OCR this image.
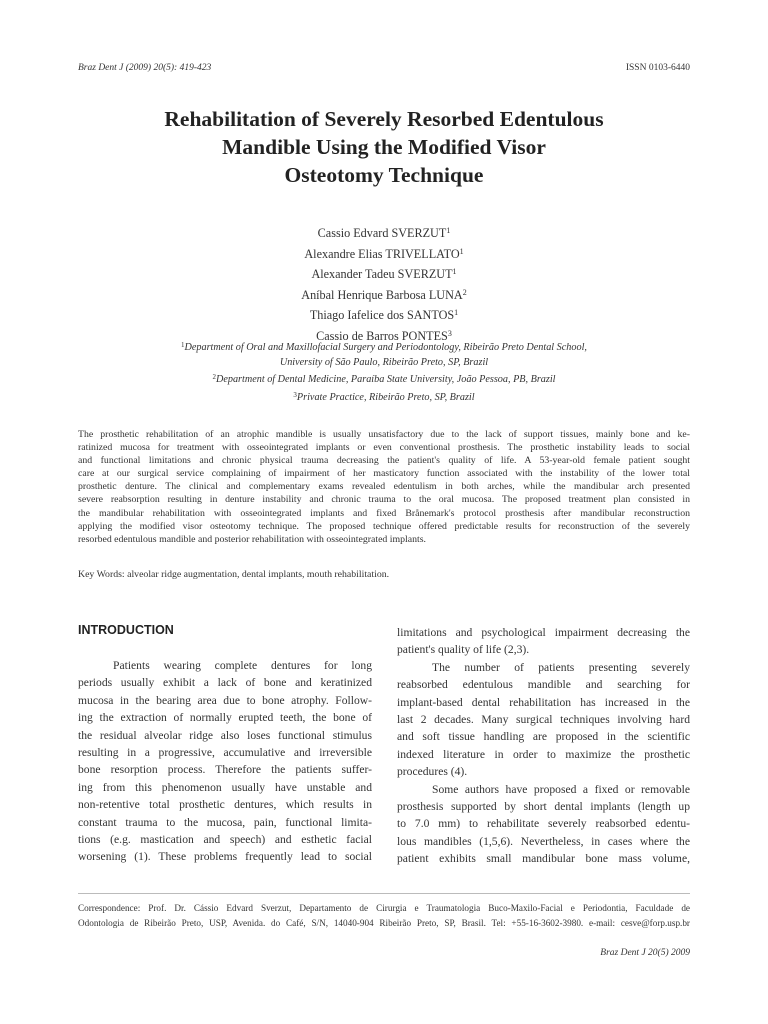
Braz Dent J (2009) 20(5): 419-423	ISSN 0103-6440
Rehabilitation of Severely Resorbed Edentulous
Mandible Using the Modified Visor
Osteotomy Technique
Cassio Edvard SVERZUT$^1$
Alexandre Elias TRIVELLATO$^1$
Alexander Tadeu SVERZUT$^1$
Aníbal Henrique Barbosa LUNA$^2$
Thiago Iafelice dos SANTOS$^1$
Cassio de Barros PONTES$^3$
$^1$Department of Oral and Maxillofacial Surgery and Periodontology, Ribeirão Preto Dental School,
University of São Paulo, Ribeirão Preto, SP, Brazil
$^2$Department of Dental Medicine, Paraíba State University, João Pessoa, PB, Brazil
$^3$Private Practice, Ribeirão Preto, SP, Brazil
The prosthetic rehabilitation of an atrophic mandible is usually unsatisfactory due to the lack of support tissues, mainly bone and ke-
ratinized mucosa for treatment with osseointegrated implants or even conventional prosthesis. The prosthetic instability leads to social
and functional limitations and chronic physical trauma decreasing the patient's quality of life. A 53-year-old female patient sought
care at our surgical service complaining of impairment of her masticatory function associated with the instability of the lower total
prosthetic denture. The clinical and complementary exams revealed edentulism in both arches, while the mandibular arch presented
severe reabsorption resulting in denture instability and chronic trauma to the oral mucosa. The proposed treatment plan consisted in
the mandibular rehabilitation with osseointegrated implants and fixed Brånemark's protocol prosthesis after mandibular reconstruction
applying the modified visor osteotomy technique. The proposed technique offered predictable results for reconstruction of the severely
resorbed edentulous mandible and posterior rehabilitation with osseointegrated implants.
Key Words: alveolar ridge augmentation, dental implants, mouth rehabilitation.
INTRODUCTION
Patients wearing complete dentures for long
periods usually exhibit a lack of bone and keratinized
mucosa in the bearing area due to bone atrophy. Follow-
ing the extraction of normally erupted teeth, the bone of
the residual alveolar ridge also loses functional stimulus
resulting in a progressive, accumulative and irreversible
bone resorption process. Therefore the patients suffer-
ing from this phenomenon usually have unstable and
non-retentive total prosthetic dentures, which results in
constant trauma to the mucosa, pain, functional limita-
tions (e.g. mastication and speech) and esthetic facial
worsening (1). These problems frequently lead to social
limitations and psychological impairment decreasing the
patient's quality of life (2,3).
The number of patients presenting severely
reabsorbed edentulous mandible and searching for
implant-based dental rehabilitation has increased in the
last 2 decades. Many surgical techniques involving hard
and soft tissue handling are proposed in the scientific
indexed literature in order to maximize the prosthetic
procedures (4).
Some authors have proposed a fixed or removable
prosthesis supported by short dental implants (length up
to 7.0 mm) to rehabilitate severely reabsorbed edentu-
lous mandibles (1,5,6). Nevertheless, in cases where the
patient exhibits small mandibular bone mass volume,
Correspondence: Prof. Dr. Cássio Edvard Sverzut, Departamento de Cirurgia e Traumatologia Buco-Maxilo-Facial e Periodontia, Faculdade de
Odontologia de Ribeirão Preto, USP, Avenida. do Café, S/N, 14040-904 Ribeirão Preto, SP, Brasil. Tel: +55-16-3602-3980. e-mail: cesve@forp.usp.br
Braz Dent J 20(5) 2009
